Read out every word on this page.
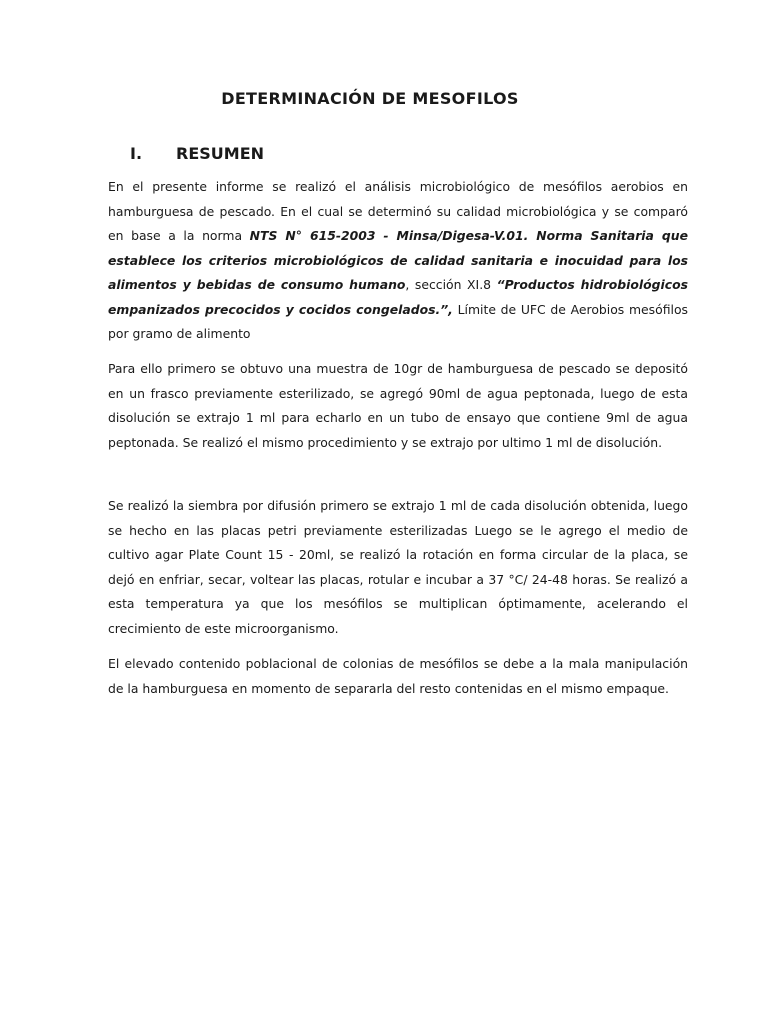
DETERMINACIÓN DE MESOFILOS
I.	RESUMEN

En el presente informe se realizó el análisis microbiológico de mesófilos aerobios en hamburguesa de pescado. En el cual se determinó su calidad microbiológica y se comparó en base a la norma NTS N° 615-2003 - Minsa/Digesa-V.01. Norma Sanitaria que establece los criterios microbiológicos de calidad sanitaria e inocuidad para los alimentos y bebidas de consumo humano, sección XI.8 “Productos hidrobiológicos empanizados precocidos y cocidos congelados.”, Límite de UFC de Aerobios mesófilos por gramo de alimento

Para ello primero se obtuvo una muestra de 10gr de hamburguesa de pescado se depositó en un frasco previamente esterilizado, se agregó 90ml de agua peptonada, luego de esta disolución se extrajo 1 ml para echarlo en un tubo de ensayo que contiene 9ml de agua peptonada. Se realizó el mismo procedimiento y se extrajo por ultimo 1 ml de disolución.

Se realizó la siembra por difusión primero se extrajo 1 ml de cada disolución obtenida, luego se hecho en las placas petri previamente esterilizadas Luego se le agrego el medio de cultivo agar Plate Count 15 - 20ml, se realizó la rotación en forma circular de la placa, se dejó en enfriar, secar, voltear las placas, rotular e incubar a 37 °C/ 24-48 horas. Se realizó a esta temperatura ya que los mesófilos se multiplican óptimamente, acelerando el crecimiento de este microorganismo.

El elevado contenido poblacional de colonias de mesófilos se debe a la mala manipulación de la hamburguesa en momento de separarla del resto contenidas en el mismo empaque.
